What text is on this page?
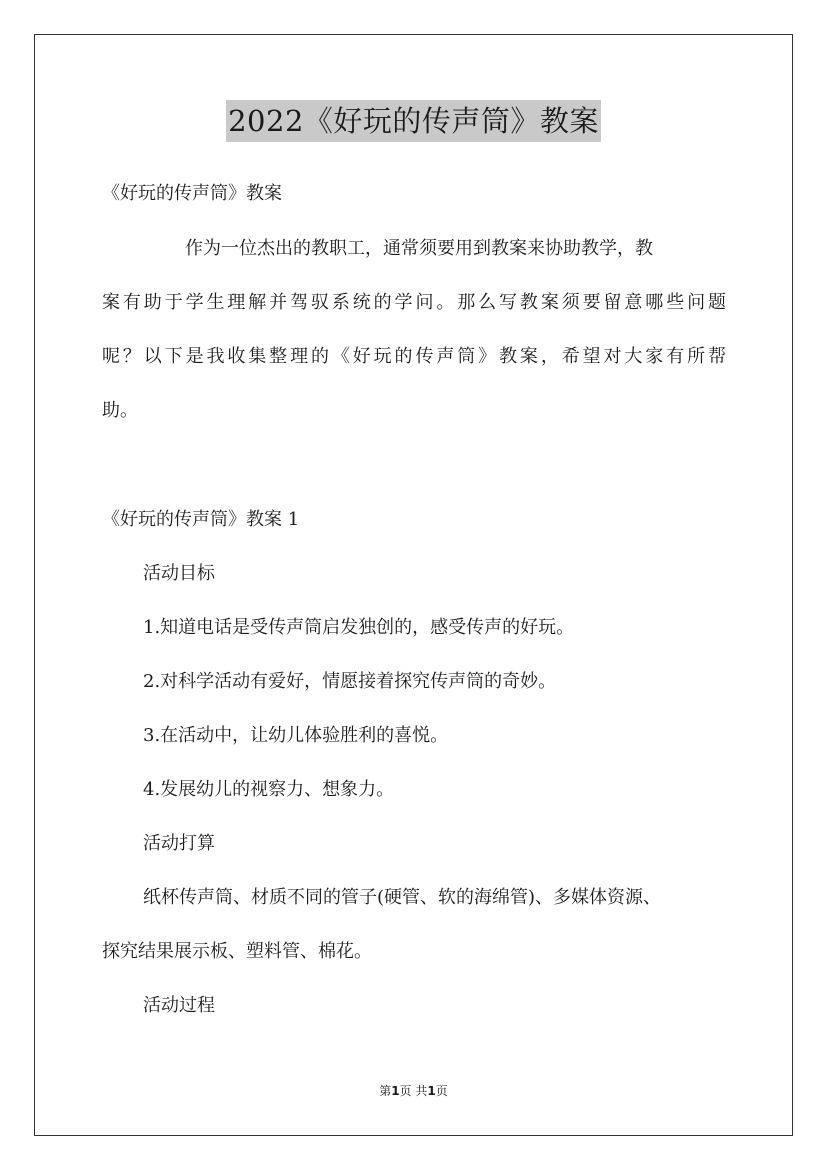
2022《好玩的传声筒》教案
《好玩的传声筒》教案
作为一位杰出的教职工，通常须要用到教案来协助教学，教
案有助于学生理解并驾驭系统的学问。那么写教案须要留意哪些问题
呢？以下是我收集整理的《好玩的传声筒》教案，希望对大家有所帮
助。
《好玩的传声筒》教案 1
活动目标
1.知道电话是受传声筒启发独创的，感受传声的好玩。
2.对科学活动有爱好，情愿接着探究传声筒的奇妙。
3.在活动中，让幼儿体验胜利的喜悦。
4.发展幼儿的视察力、想象力。
活动打算
纸杯传声筒、材质不同的管子(硬管、软的海绵管)、多媒体资源、
探究结果展示板、塑料管、棉花。
活动过程
第1页 共1页
